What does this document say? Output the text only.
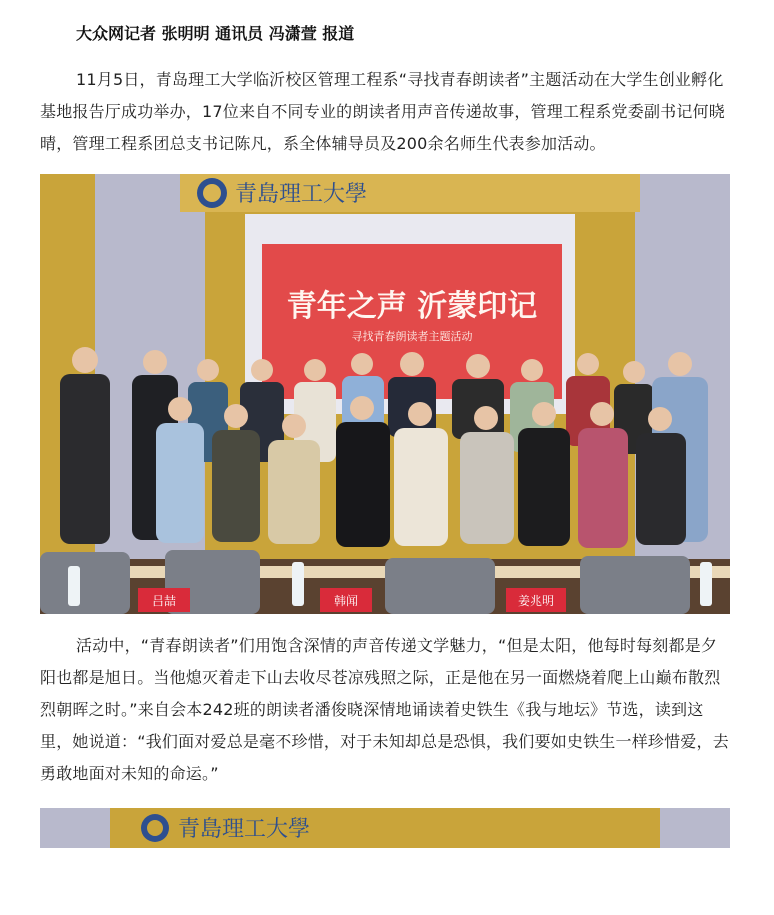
大众网记者 张明明 通讯员 冯潇萱 报道

11月5日，青岛理工大学临沂校区管理工程系“寻找青春朗读者”主题活动在大学生创业孵化基地报告厅成功举办，17位来自不同专业的朗读者用声音传递故事，管理工程系党委副书记何晓晴，管理工程系团总支书记陈凡，系全体辅导员及200余名师生代表参加活动。

青島理工大學
青年之声 沂蒙印记
寻找青春朗读者主题活动
吕喆	韩闻	姜兆明

活动中，“青春朗读者”们用饱含深情的声音传递文学魅力，“但是太阳，他每时每刻都是夕阳也都是旭日。当他熄灭着走下山去收尽苍凉残照之际，正是他在另一面燃烧着爬上山巅布散烈烈朝晖之时。”来自会本242班的朗读者潘俊晓深情地诵读着史铁生《我与地坛》节选，读到这里，她说道：“我们面对爱总是毫不珍惜，对于未知却总是恐惧，我们要如史铁生一样珍惜爱，去勇敢地面对未知的命运。”

青島理工大學
